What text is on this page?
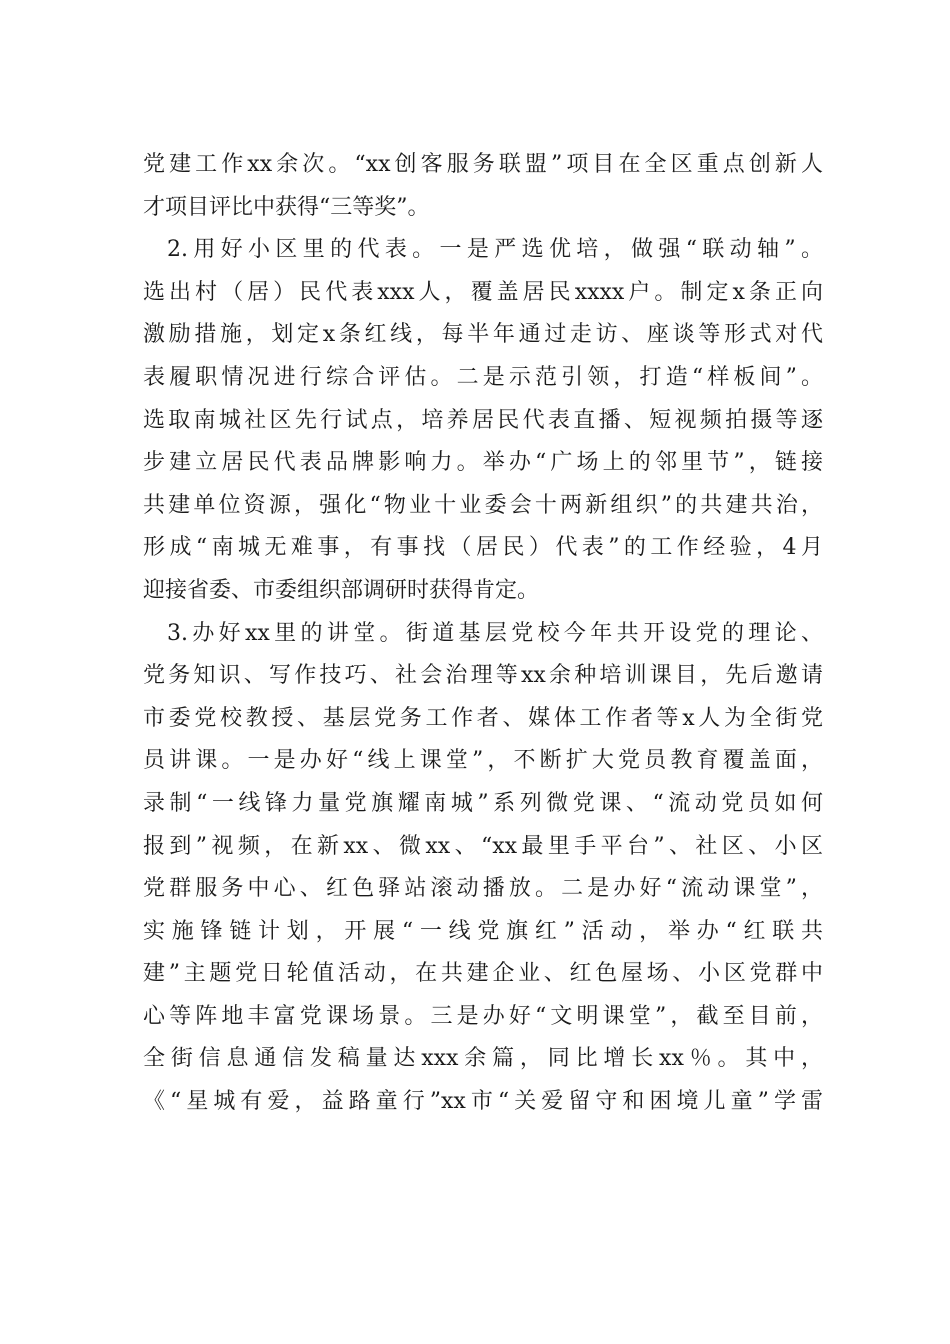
党建工作xx余次。“xx创客服务联盟”项目在全区重点创新人
才项目评比中获得“三等奖”。
2.用好小区里的代表。一是严选优培，做强“联动轴”。
选出村（居）民代表xxx人，覆盖居民xxxx户。制定x条正向
激励措施，划定x条红线，每半年通过走访、座谈等形式对代
表履职情况进行综合评估。二是示范引领，打造“样板间”。
选取南城社区先行试点，培养居民代表直播、短视频拍摄等逐
步建立居民代表品牌影响力。举办“广场上的邻里节”，链接
共建单位资源，强化“物业十业委会十两新组织”的共建共治，
形成“南城无难事，有事找（居民）代表”的工作经验，4月
迎接省委、市委组织部调研时获得肯定。
3.办好xx里的讲堂。街道基层党校今年共开设党的理论、
党务知识、写作技巧、社会治理等xx余种培训课目，先后邀请
市委党校教授、基层党务工作者、媒体工作者等x人为全街党
员讲课。一是办好“线上课堂”，不断扩大党员教育覆盖面，
录制“一线锋力量党旗耀南城”系列微党课、“流动党员如何
报到”视频，在新xx、微xx、“xx最里手平台”、社区、小区
党群服务中心、红色驿站滚动播放。二是办好“流动课堂”，
实施锋链计划，开展“一线党旗红”活动，举办“红联共
建”主题党日轮值活动，在共建企业、红色屋场、小区党群中
心等阵地丰富党课场景。三是办好“文明课堂”，截至目前，
全街信息通信发稿量达xxx余篇，同比增长xx％。其中，
《“星城有爱，益路童行”xx市“关爱留守和困境儿童”学雷
